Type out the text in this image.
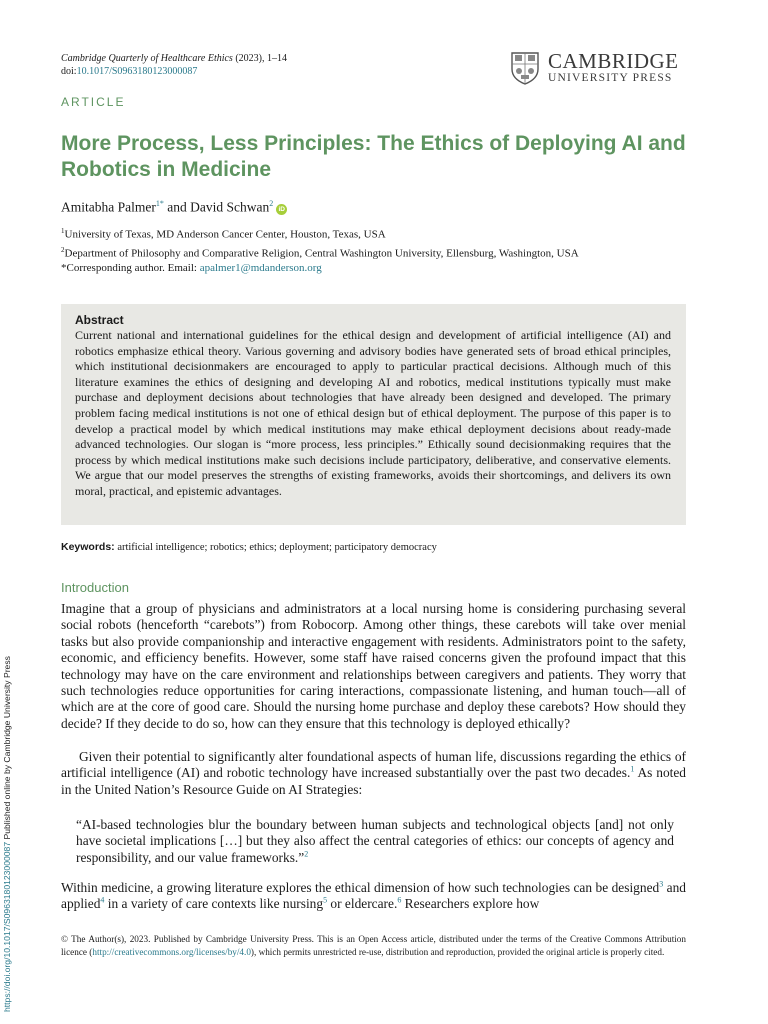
Cambridge Quarterly of Healthcare Ethics (2023), 1–14
doi:10.1017/S0963180123000087	CAMBRIDGE
UNIVERSITY PRESS
ARTICLE
More Process, Less Principles: The Ethics of Deploying AI and Robotics in Medicine
Amitabha Palmer$^{1*}$ and David Schwan$^2$iD
$^1$University of Texas, MD Anderson Cancer Center, Houston, Texas, USA
$^2$Department of Philosophy and Comparative Religion, Central Washington University, Ellensburg, Washington, USA
*Corresponding author. Email: apalmer1@mdanderson.org
Abstract
Current national and international guidelines for the ethical design and development of artificial intelligence (AI) and robotics emphasize ethical theory. Various governing and advisory bodies have generated sets of broad ethical principles, which institutional decisionmakers are encouraged to apply to particular practical decisions. Although much of this literature examines the ethics of designing and developing AI and robotics, medical institutions typically must make purchase and deployment decisions about technologies that have already been designed and developed. The primary problem facing medical institutions is not one of ethical design but of ethical deployment. The purpose of this paper is to develop a practical model by which medical institutions may make ethical deployment decisions about ready-made advanced technologies. Our slogan is “more process, less principles.” Ethically sound decisionmaking requires that the process by which medical institutions make such decisions include participatory, deliberative, and conservative elements. We argue that our model preserves the strengths of existing frameworks, avoids their shortcomings, and delivers its own moral, practical, and epistemic advantages.
Keywords: artificial intelligence; robotics; ethics; deployment; participatory democracy
Introduction

Imagine that a group of physicians and administrators at a local nursing home is considering purchasing several social robots (henceforth “carebots”) from Robocorp. Among other things, these carebots will take over menial tasks but also provide companionship and interactive engagement with residents. Administrators point to the safety, economic, and efficiency benefits. However, some staff have raised concerns given the profound impact that this technology may have on the care environment and relationships between caregivers and patients. They worry that such technologies reduce opportunities for caring interactions, compassionate listening, and human touch—all of which are at the core of good care. Should the nursing home purchase and deploy these carebots? How should they decide? If they decide to do so, how can they ensure that this technology is deployed ethically?

Given their potential to significantly alter foundational aspects of human life, discussions regarding the ethics of artificial intelligence (AI) and robotic technology have increased substantially over the past two decades.$^1$ As noted in the United Nation’s Resource Guide on AI Strategies:

“AI-based technologies blur the boundary between human subjects and technological objects [and] not only have societal implications […] but they also affect the central categories of ethics: our concepts of agency and responsibility, and our value frameworks.”$^2$

Within medicine, a growing literature explores the ethical dimension of how such technologies can be designed$^3$ and applied$^4$ in a variety of care contexts like nursing$^5$ or eldercare.$^6$ Researchers explore how

© The Author(s), 2023. Published by Cambridge University Press. This is an Open Access article, distributed under the terms of the Creative Commons Attribution licence (http://creativecommons.org/licenses/by/4.0), which permits unrestricted re-use, distribution and reproduction, provided the original article is properly cited.
https://doi.org/10.1017/S0963180123000087 Published online by Cambridge University Press
